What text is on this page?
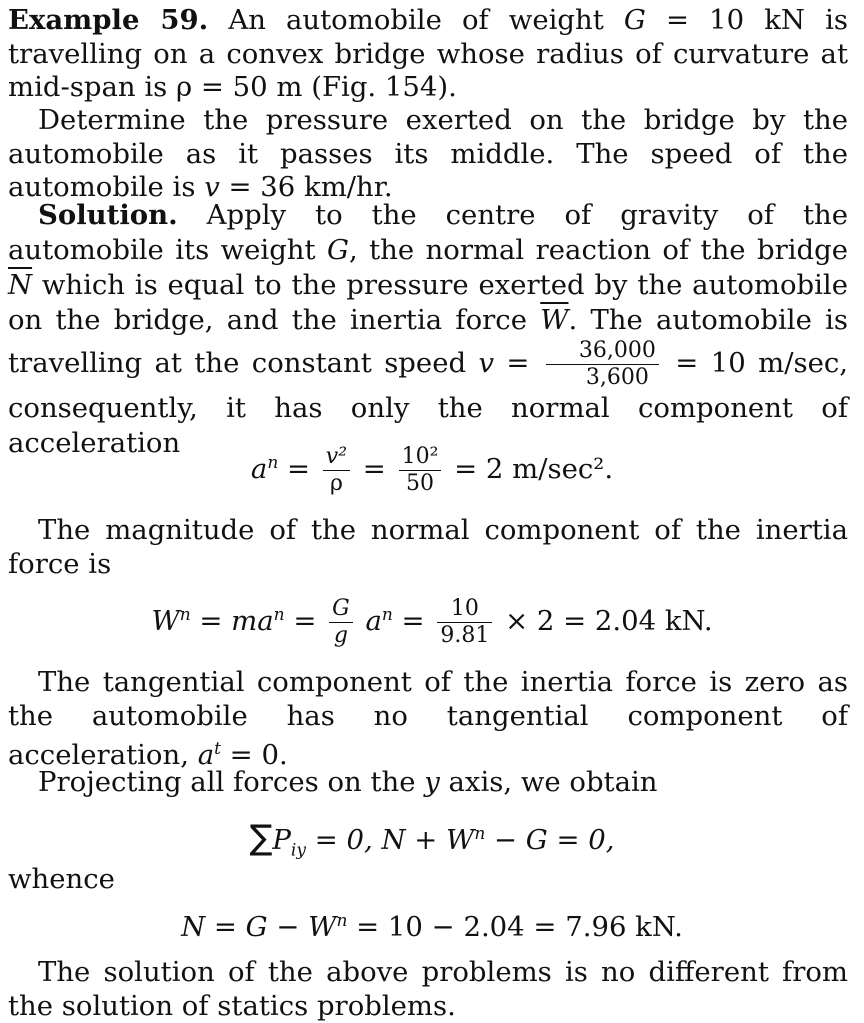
Example 59. An automobile of weight G = 10 kN is travelling on a convex bridge whose radius of curvature at mid-span is ρ = 50 m (Fig. 154).

Determine the pressure exerted on the bridge by the automobile as it passes its middle. The speed of the automobile is v = 36 km/hr.

Solution. Apply to the centre of gravity of the automobile its weight G, the normal reaction of the bridge $\overline{N}$ which is equal to the pressure exerted by the automobile on the bridge, and the inertia force $\overline{W}$. The automobile is travelling at the constant speed $v = \frac{36,000}{3,600} = 10$ m/sec, consequently, it has only the normal component of acceleration

$a^n = \frac{\text{v²}}{\rho} = \frac{\text{10²}}{50} = 2$ m/sec².

The magnitude of the normal component of the inertia force is

$W^n = ma^n = \frac{G}{g} a^n = \frac{10}{9.81} \times 2 = 2.04$ kN.

The tangential component of the inertia force is zero as the automobile has no tangential component of acceleration, $a^t = 0$.

Projecting all forces on the y axis, we obtain

$\sum P_{iy} = 0$, $N + W^n - G = 0$,

whence

$N = G - W^n = 10 - 2.04 = 7.96$ kN.

The solution of the above problems is no different from the solution of statics problems.
